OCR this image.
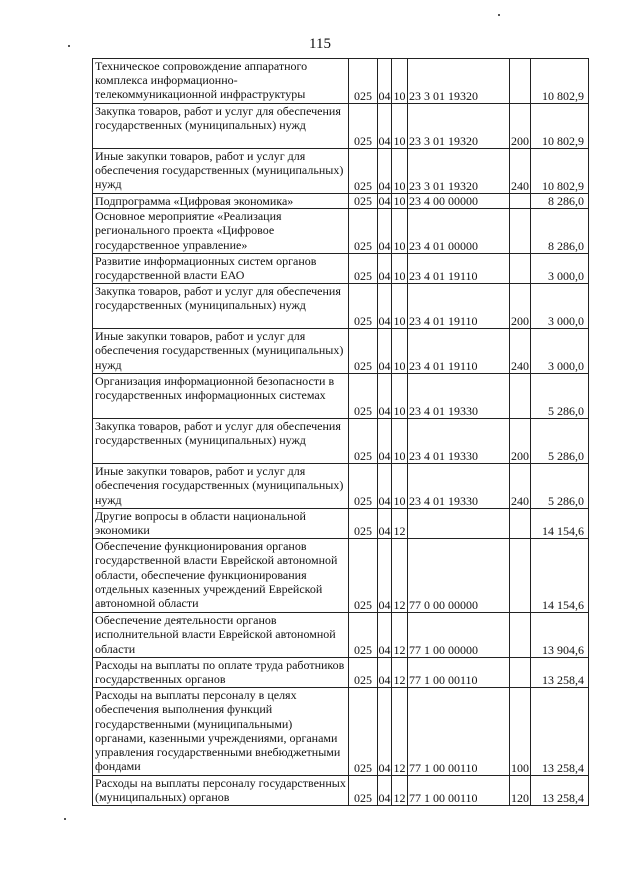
115
Техническое сопровождение аппаратного комплекса информационно-телекоммуникационной инфраструктуры	025	04	10	23 3 01 19320		10 802,9
Закупка товаров, работ и услуг для обеспечения государственных (муниципальных) нужд	025	04	10	23 3 01 19320	200	10 802,9
Иные закупки товаров, работ и услуг для обеспечения государственных (муниципальных) нужд	025	04	10	23 3 01 19320	240	10 802,9
Подпрограмма «Цифровая экономика»	025	04	10	23 4 00 00000		8 286,0
Основное мероприятие «Реализация регионального проекта «Цифровое государственное управление»	025	04	10	23 4 01 00000		8 286,0
Развитие информационных систем органов государственной власти ЕАО	025	04	10	23 4 01 19110		3 000,0
Закупка товаров, работ и услуг для обеспечения государственных (муниципальных) нужд	025	04	10	23 4 01 19110	200	3 000,0
Иные закупки товаров, работ и услуг для обеспечения государственных (муниципальных) нужд	025	04	10	23 4 01 19110	240	3 000,0
Организация информационной безопасности в государственных информационных системах	025	04	10	23 4 01 19330		5 286,0
Закупка товаров, работ и услуг для обеспечения государственных (муниципальных) нужд	025	04	10	23 4 01 19330	200	5 286,0
Иные закупки товаров, работ и услуг для обеспечения государственных (муниципальных) нужд	025	04	10	23 4 01 19330	240	5 286,0
Другие вопросы в области национальной экономики	025	04	12			14 154,6
Обеспечение функционирования органов государственной власти Еврейской автономной области, обеспечение функционирования отдельных казенных учреждений Еврейской автономной области	025	04	12	77 0 00 00000		14 154,6
Обеспечение деятельности органов исполнительной власти Еврейской автономной области	025	04	12	77 1 00 00000		13 904,6
Расходы на выплаты по оплате труда работников государственных органов	025	04	12	77 1 00 00110		13 258,4
Расходы на выплаты персоналу в целях обеспечения выполнения функций государственными (муниципальными) органами, казенными учреждениями, органами управления государственными внебюджетными фондами	025	04	12	77 1 00 00110	100	13 258,4
Расходы на выплаты персоналу государственных (муниципальных) органов	025	04	12	77 1 00 00110	120	13 258,4
